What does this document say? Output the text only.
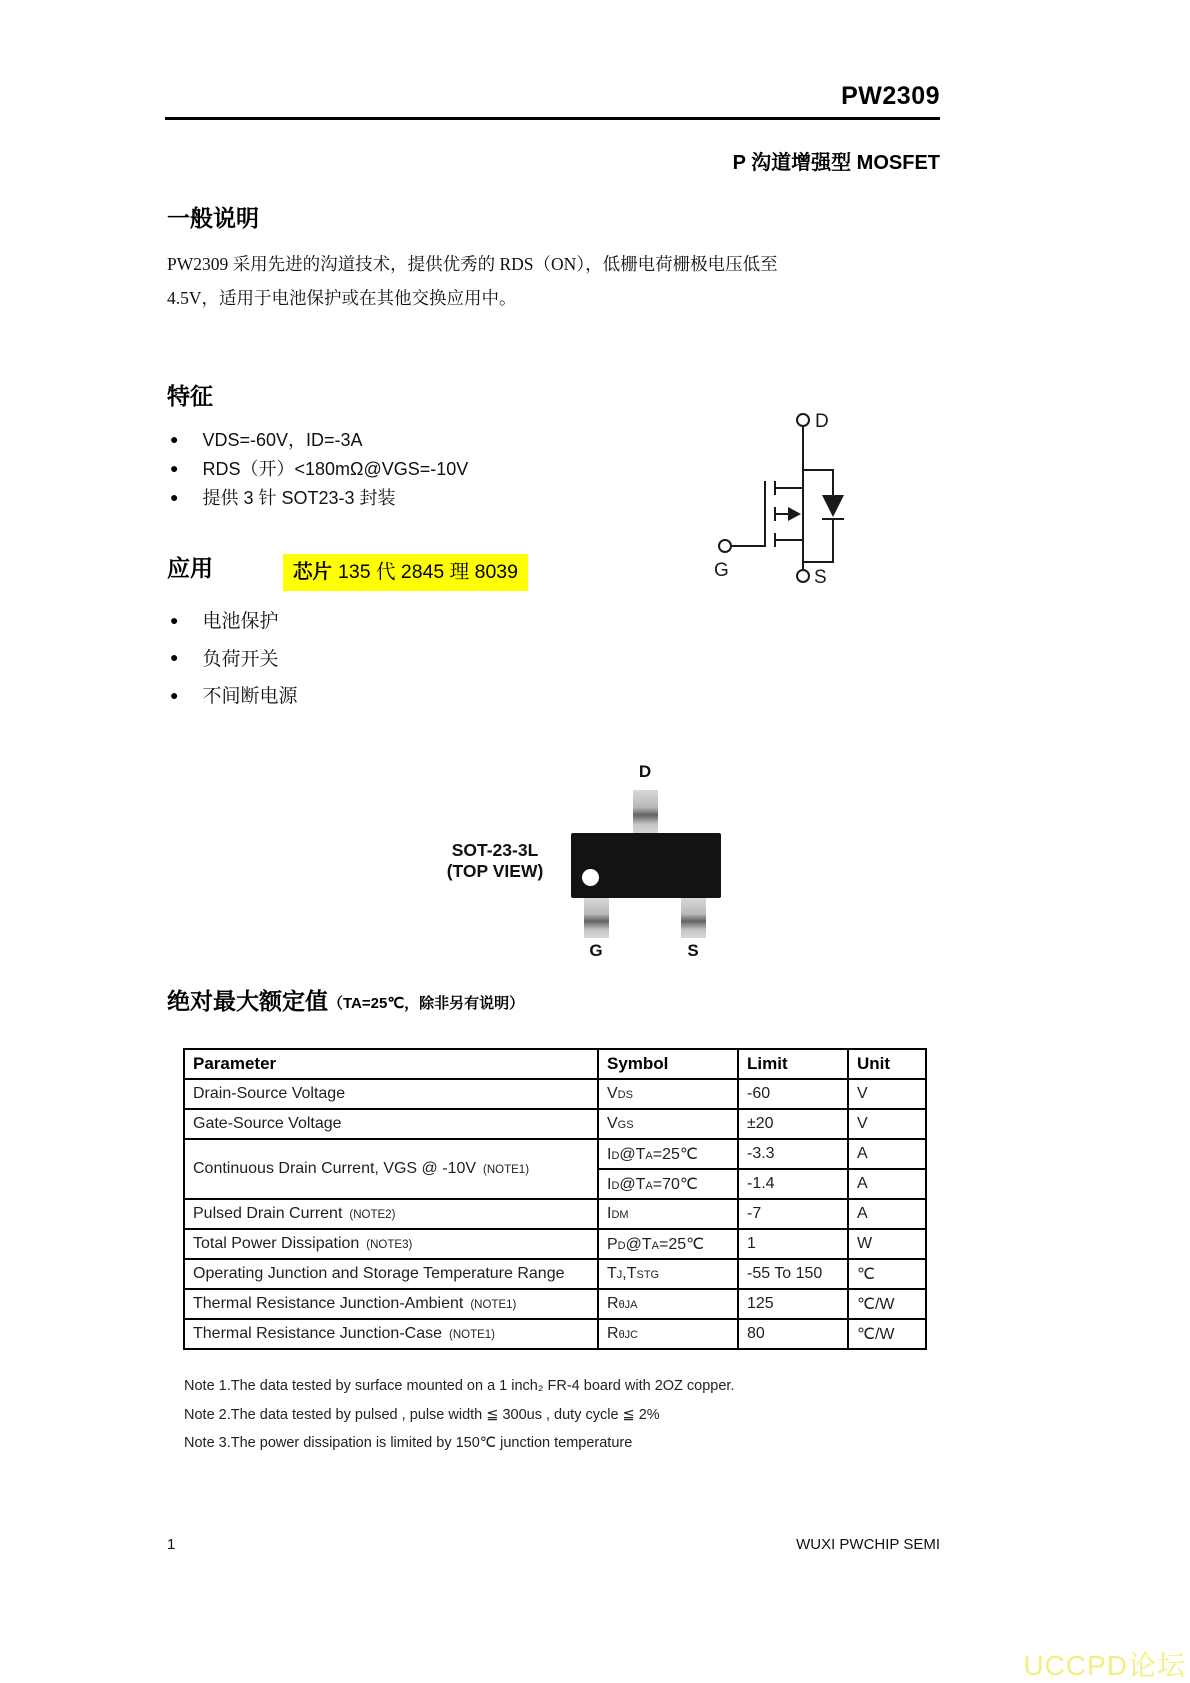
PW2309
P 沟道增强型 MOSFET
一般说明
PW2309 采用先进的沟道技术，提供优秀的 RDS（ON），低栅电荷栅极电压低至
4.5V，适用于电池保护或在其他交换应用中。
特征
● VDS=-60V，ID=-3A
● RDS（开）<180mΩ@VGS=-10V
● 提供 3 针 SOT23-3 封装
D
G	S
应用	芯片 135 代 2845 理 8039
● 电池保护
● 负荷开关
● 不间断电源
SOT-23-3L
(TOP VIEW)
D
G	S
绝对最大额定值（TA=25℃，除非另有说明）
Parameter	Symbol	Limit	Unit
Drain-Source Voltage	VDS	-60	V
Gate-Source Voltage	VGS	±20	V
Continuous Drain Current, VGS @ -10V (NOTE1)	ID@TA=25℃	-3.3	A
	ID@TA=70℃	-1.4	A
Pulsed Drain Current (NOTE2)	IDM	-7	A
Total Power Dissipation (NOTE3)	PD@TA=25℃	1	W
Operating Junction and Storage Temperature Range	TJ,TSTG	-55 To 150	℃
Thermal Resistance Junction-Ambient (NOTE1)	RθJA	125	℃/W
Thermal Resistance Junction-Case (NOTE1)	RθJC	80	℃/W
Note 1.The data tested by surface mounted on a 1 inch₂ FR-4 board with 2OZ copper.
Note 2.The data tested by pulsed , pulse width ≦ 300us , duty cycle ≦ 2%
Note 3.The power dissipation is limited by 150℃ junction temperature
1	WUXI PWCHIP SEMI
UCCPD论坛
